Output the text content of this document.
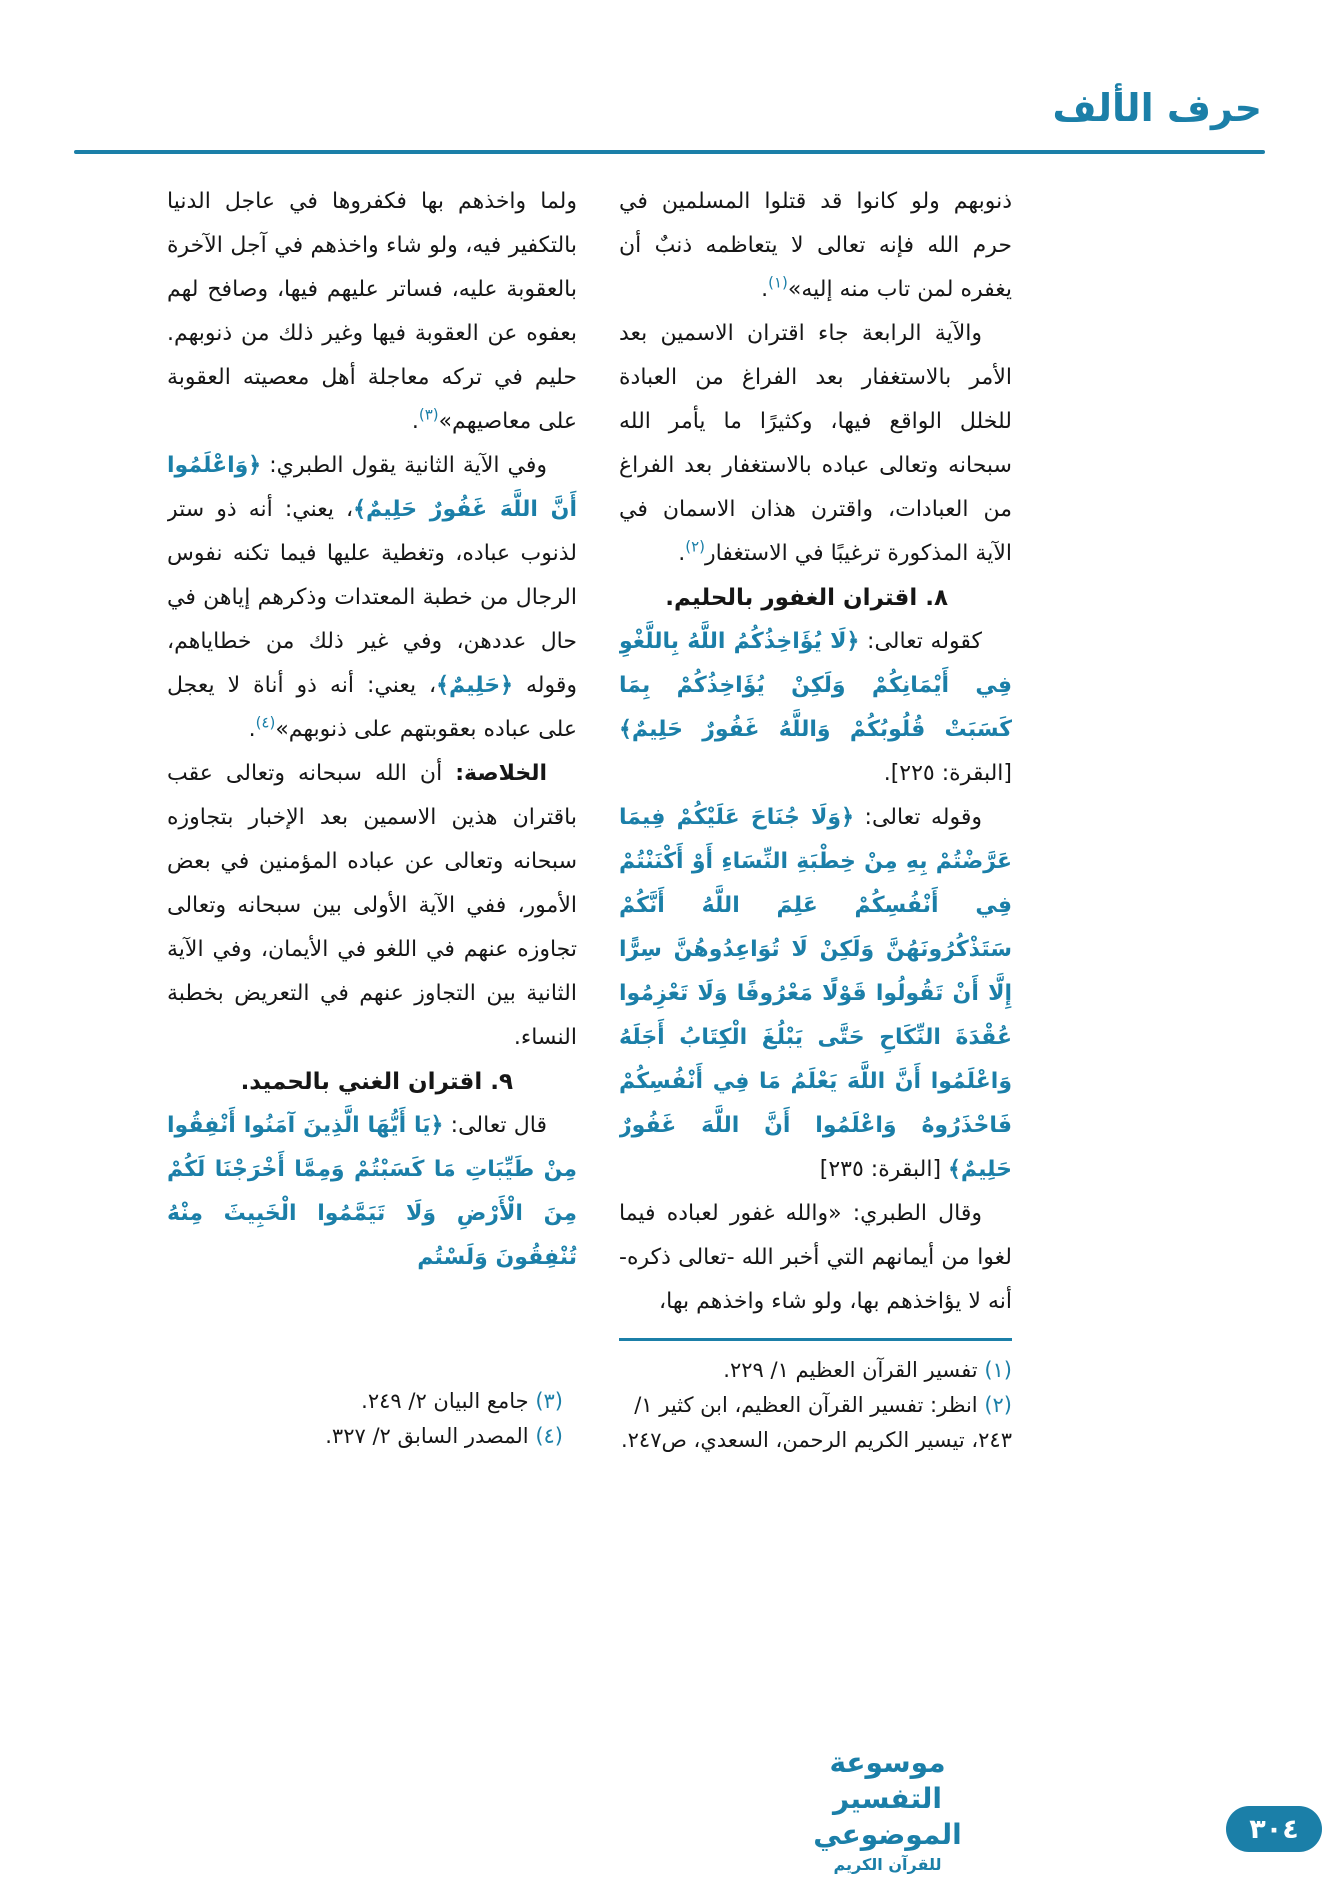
حرف الألف
ذنوبهم ولو كانوا قد قتلوا المسلمين في حرم الله فإنه تعالى لا يتعاظمه ذنبٌ أن يغفره لمن تاب منه إليه»$^{(١)}$.
والآية الرابعة جاء اقتران الاسمين بعد الأمر بالاستغفار بعد الفراغ من العبادة للخلل الواقع فيها، وكثيرًا ما يأمر الله سبحانه وتعالى عباده بالاستغفار بعد الفراغ من العبادات، واقترن هذان الاسمان في الآية المذكورة ترغيبًا في الاستغفار$^{(٢)}$.
٨. اقتران الغفور بالحليم.
كقوله تعالى: ﴿لَا يُؤَاخِذُكُمُ اللَّهُ بِاللَّغْوِ فِي أَيْمَانِكُمْ وَلَكِنْ يُؤَاخِذُكُمْ بِمَا كَسَبَتْ قُلُوبُكُمْ وَاللَّهُ غَفُورٌ حَلِيمٌ﴾ [البقرة: ٢٢٥].
وقوله تعالى: ﴿وَلَا جُنَاحَ عَلَيْكُمْ فِيمَا عَرَّضْتُمْ بِهِ مِنْ خِطْبَةِ النِّسَاءِ أَوْ أَكْنَنْتُمْ فِي أَنْفُسِكُمْ عَلِمَ اللَّهُ أَنَّكُمْ سَتَذْكُرُونَهُنَّ وَلَكِنْ لَا تُوَاعِدُوهُنَّ سِرًّا إِلَّا أَنْ تَقُولُوا قَوْلًا مَعْرُوفًا وَلَا تَعْزِمُوا عُقْدَةَ النِّكَاحِ حَتَّى يَبْلُغَ الْكِتَابُ أَجَلَهُ وَاعْلَمُوا أَنَّ اللَّهَ يَعْلَمُ مَا فِي أَنْفُسِكُمْ فَاحْذَرُوهُ وَاعْلَمُوا أَنَّ اللَّهَ غَفُورٌ حَلِيمٌ﴾ [البقرة: ٢٣٥]
وقال الطبري: «والله غفور لعباده فيما لغوا من أيمانهم التي أخبر الله -تعالى ذكره- أنه لا يؤاخذهم بها، ولو شاء واخذهم بها،
ولما واخذهم بها فكفروها في عاجل الدنيا بالتكفير فيه، ولو شاء واخذهم في آجل الآخرة بالعقوبة عليه، فساتر عليهم فيها، وصافح لهم بعفوه عن العقوبة فيها وغير ذلك من ذنوبهم. حليم في تركه معاجلة أهل معصيته العقوبة على معاصيهم»$^{(٣)}$.
وفي الآية الثانية يقول الطبري: ﴿وَاعْلَمُوا أَنَّ اللَّهَ غَفُورٌ حَلِيمٌ﴾، يعني: أنه ذو ستر لذنوب عباده، وتغطية عليها فيما تكنه نفوس الرجال من خطبة المعتدات وذكرهم إياهن في حال عددهن، وفي غير ذلك من خطاياهم، وقوله ﴿حَلِيمٌ﴾، يعني: أنه ذو أناة لا يعجل على عباده بعقوبتهم على ذنوبهم»$^{(٤)}$.
الخلاصة: أن الله سبحانه وتعالى عقب باقتران هذين الاسمين بعد الإخبار بتجاوزه سبحانه وتعالى عن عباده المؤمنين في بعض الأمور، ففي الآية الأولى بين سبحانه وتعالى تجاوزه عنهم في اللغو في الأيمان، وفي الآية الثانية بين التجاوز عنهم في التعريض بخطبة النساء.
٩. اقتران الغني بالحميد.
قال تعالى: ﴿يَا أَيُّهَا الَّذِينَ آمَنُوا أَنْفِقُوا مِنْ طَيِّبَاتِ مَا كَسَبْتُمْ وَمِمَّا أَخْرَجْنَا لَكُمْ مِنَ الْأَرْضِ وَلَا تَيَمَّمُوا الْخَبِيثَ مِنْهُ تُنْفِقُونَ وَلَسْتُم
(١) تفسير القرآن العظيم ١/ ٢٢٩.
(٢) انظر: تفسير القرآن العظيم، ابن كثير ١/ ٢٤٣، تيسير الكريم الرحمن، السعدي، ص٢٤٧.
(٣) جامع البيان ٢/ ٢٤٩.
(٤) المصدر السابق ٢/ ٣٢٧.
موسوعة التفسير الموضوعي
للقرآن الكريم
٣٠٤
